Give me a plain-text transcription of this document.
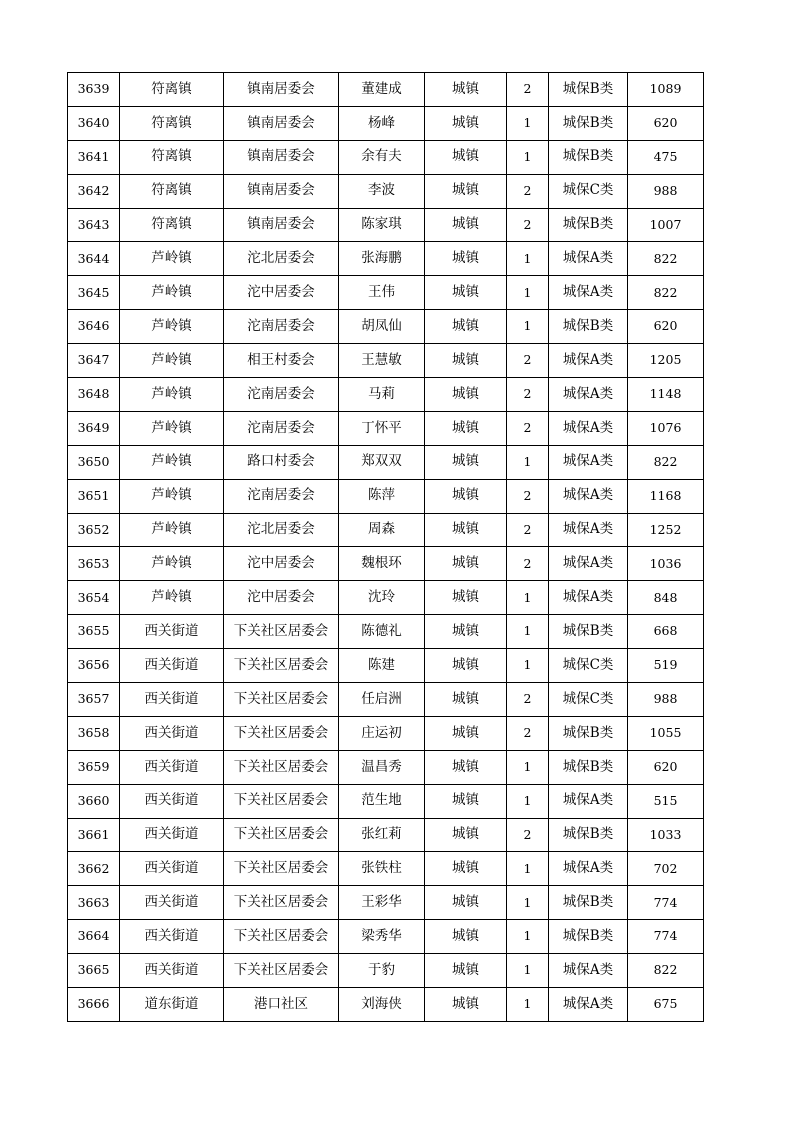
3639	符离镇	镇南居委会	董建成	城镇	2	城保B类	1089
3640	符离镇	镇南居委会	杨峰	城镇	1	城保B类	620
3641	符离镇	镇南居委会	余有夫	城镇	1	城保B类	475
3642	符离镇	镇南居委会	李波	城镇	2	城保C类	988
3643	符离镇	镇南居委会	陈家琪	城镇	2	城保B类	1007
3644	芦岭镇	沱北居委会	张海鹏	城镇	1	城保A类	822
3645	芦岭镇	沱中居委会	王伟	城镇	1	城保A类	822
3646	芦岭镇	沱南居委会	胡凤仙	城镇	1	城保B类	620
3647	芦岭镇	相王村委会	王慧敏	城镇	2	城保A类	1205
3648	芦岭镇	沱南居委会	马莉	城镇	2	城保A类	1148
3649	芦岭镇	沱南居委会	丁怀平	城镇	2	城保A类	1076
3650	芦岭镇	路口村委会	郑双双	城镇	1	城保A类	822
3651	芦岭镇	沱南居委会	陈萍	城镇	2	城保A类	1168
3652	芦岭镇	沱北居委会	周森	城镇	2	城保A类	1252
3653	芦岭镇	沱中居委会	魏根环	城镇	2	城保A类	1036
3654	芦岭镇	沱中居委会	沈玲	城镇	1	城保A类	848
3655	西关街道	下关社区居委会	陈德礼	城镇	1	城保B类	668
3656	西关街道	下关社区居委会	陈建	城镇	1	城保C类	519
3657	西关街道	下关社区居委会	任启洲	城镇	2	城保C类	988
3658	西关街道	下关社区居委会	庄运初	城镇	2	城保B类	1055
3659	西关街道	下关社区居委会	温昌秀	城镇	1	城保B类	620
3660	西关街道	下关社区居委会	范生地	城镇	1	城保A类	515
3661	西关街道	下关社区居委会	张红莉	城镇	2	城保B类	1033
3662	西关街道	下关社区居委会	张铁柱	城镇	1	城保A类	702
3663	西关街道	下关社区居委会	王彩华	城镇	1	城保B类	774
3664	西关街道	下关社区居委会	梁秀华	城镇	1	城保B类	774
3665	西关街道	下关社区居委会	于豹	城镇	1	城保A类	822
3666	道东街道	港口社区	刘海侠	城镇	1	城保A类	675
